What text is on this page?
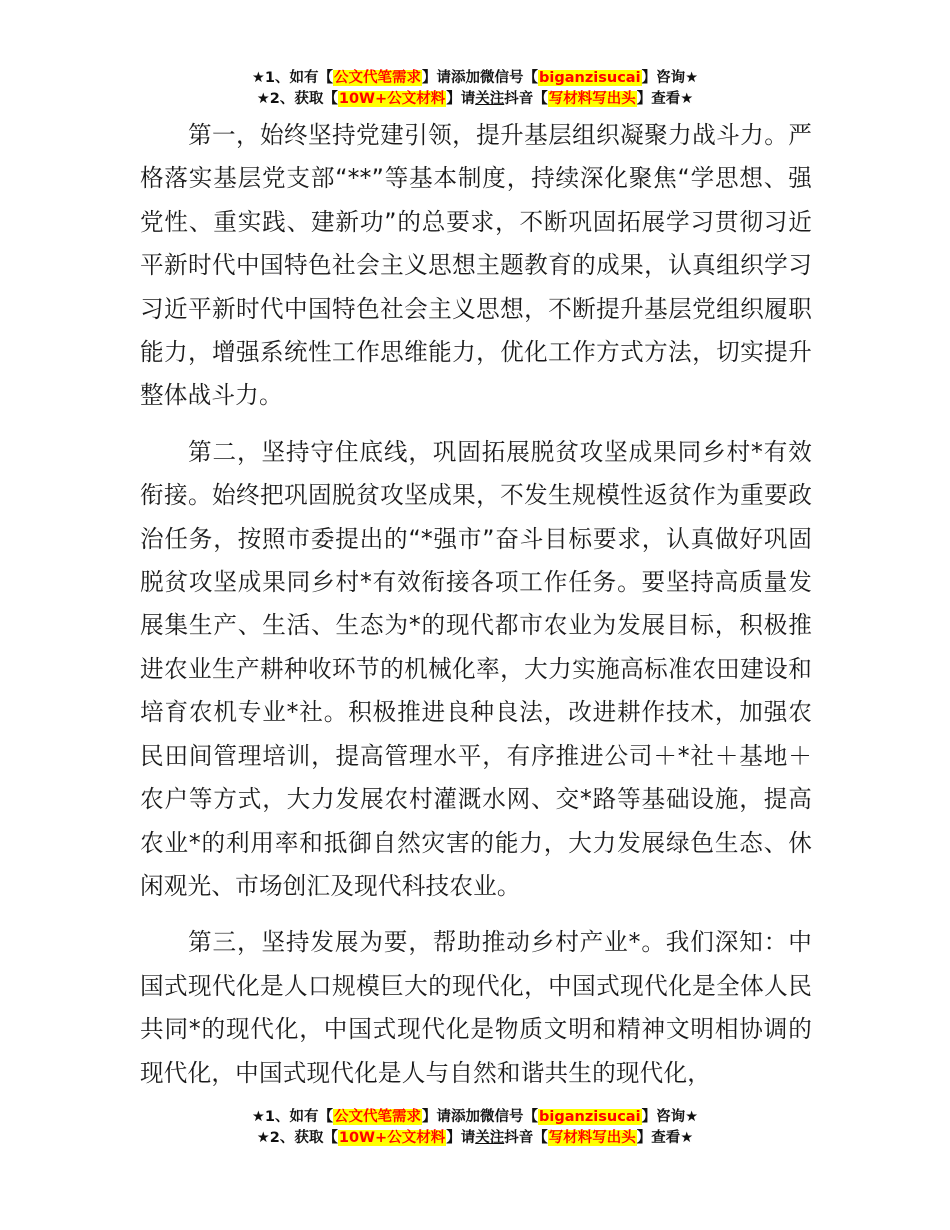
★1、如有【公文代笔需求】请添加微信号【biganzisucai】咨询★
★2、获取【10W+公文材料】请关注抖音【写材料写出头】查看★

第一，始终坚持党建引领，提升基层组织凝聚力战斗力。严格落实基层党支部“**”等基本制度，持续深化聚焦“学思想、强党性、重实践、建新功”的总要求，不断巩固拓展学习贯彻习近平新时代中国特色社会主义思想主题教育的成果，认真组织学习习近平新时代中国特色社会主义思想，不断提升基层党组织履职能力，增强系统性工作思维能力，优化工作方式方法，切实提升整体战斗力。

第二，坚持守住底线，巩固拓展脱贫攻坚成果同乡村*有效衔接。始终把巩固脱贫攻坚成果，不发生规模性返贫作为重要政治任务，按照市委提出的“*强市”奋斗目标要求，认真做好巩固脱贫攻坚成果同乡村*有效衔接各项工作任务。要坚持高质量发展集生产、生活、生态为*的现代都市农业为发展目标，积极推进农业生产耕种收环节的机械化率，大力实施高标准农田建设和培育农机专业*社。积极推进良种良法，改进耕作技术，加强农民田间管理培训，提高管理水平，有序推进公司＋*社＋基地＋农户等方式，大力发展农村灌溉水网、交*路等基础设施，提高农业*的利用率和抵御自然灾害的能力，大力发展绿色生态、休闲观光、市场创汇及现代科技农业。

第三，坚持发展为要，帮助推动乡村产业*。我们深知：中国式现代化是人口规模巨大的现代化，中国式现代化是全体人民共同*的现代化，中国式现代化是物质文明和精神文明相协调的现代化，中国式现代化是人与自然和谐共生的现代化，

★1、如有【公文代笔需求】请添加微信号【biganzisucai】咨询★
★2、获取【10W+公文材料】请关注抖音【写材料写出头】查看★
